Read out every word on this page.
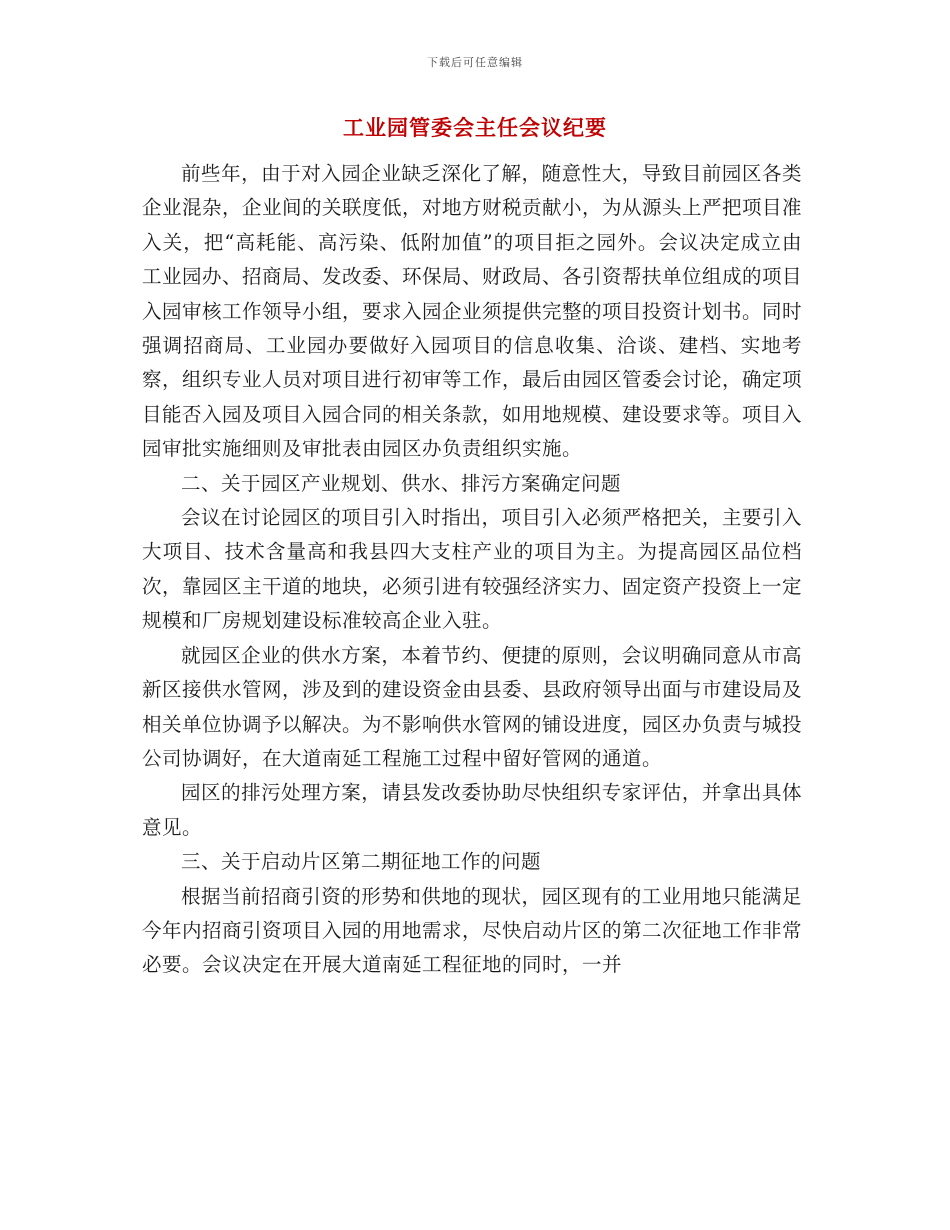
下载后可任意编辑
工业园管委会主任会议纪要

前些年，由于对入园企业缺乏深化了解，随意性大，导致目前园区各类企业混杂，企业间的关联度低，对地方财税贡献小，为从源头上严把项目准入关，把“高耗能、高污染、低附加值”的项目拒之园外。会议决定成立由工业园办、招商局、发改委、环保局、财政局、各引资帮扶单位组成的项目入园审核工作领导小组，要求入园企业须提供完整的项目投资计划书。同时强调招商局、工业园办要做好入园项目的信息收集、洽谈、建档、实地考察，组织专业人员对项目进行初审等工作，最后由园区管委会讨论，确定项目能否入园及项目入园合同的相关条款，如用地规模、建设要求等。项目入园审批实施细则及审批表由园区办负责组织实施。

二、关于园区产业规划、供水、排污方案确定问题

会议在讨论园区的项目引入时指出，项目引入必须严格把关，主要引入大项目、技术含量高和我县四大支柱产业的项目为主。为提高园区品位档次，靠园区主干道的地块，必须引进有较强经济实力、固定资产投资上一定规模和厂房规划建设标准较高企业入驻。

就园区企业的供水方案，本着节约、便捷的原则，会议明确同意从市高新区接供水管网，涉及到的建设资金由县委、县政府领导出面与市建设局及相关单位协调予以解决。为不影响供水管网的铺设进度，园区办负责与城投公司协调好，在大道南延工程施工过程中留好管网的通道。

园区的排污处理方案，请县发改委协助尽快组织专家评估，并拿出具体意见。

三、关于启动片区第二期征地工作的问题

根据当前招商引资的形势和供地的现状，园区现有的工业用地只能满足今年内招商引资项目入园的用地需求，尽快启动片区的第二次征地工作非常必要。会议决定在开展大道南延工程征地的同时，一并
